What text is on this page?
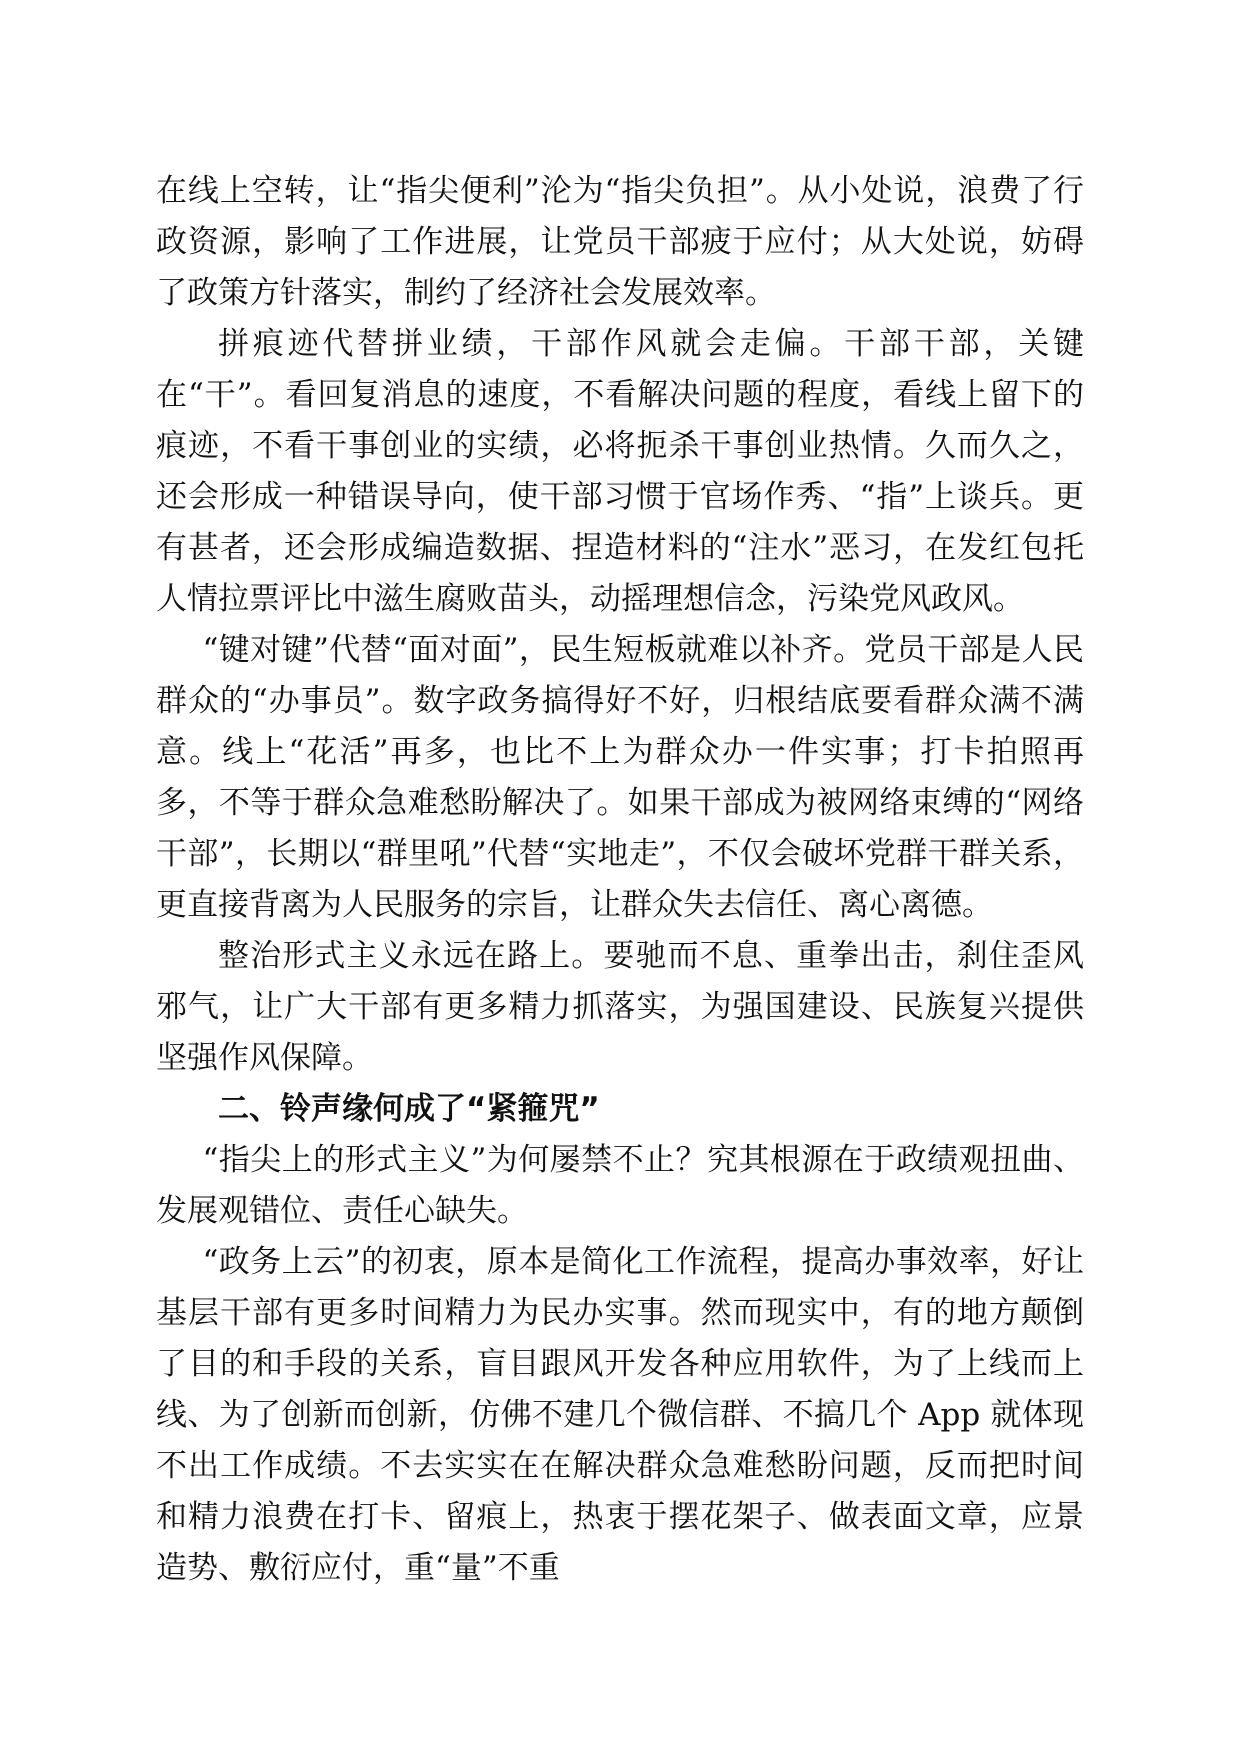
在线上空转，让“指尖便利”沦为“指尖负担”。从小处说，浪费了行政资源，影响了工作进展，让党员干部疲于应付；从大处说，妨碍了政策方针落实，制约了经济社会发展效率。

拼痕迹代替拼业绩，干部作风就会走偏。干部干部，关键在“干”。看回复消息的速度，不看解决问题的程度，看线上留下的痕迹，不看干事创业的实绩，必将扼杀干事创业热情。久而久之，还会形成一种错误导向，使干部习惯于官场作秀、“指”上谈兵。更有甚者，还会形成编造数据、捏造材料的“注水”恶习，在发红包托人情拉票评比中滋生腐败苗头，动摇理想信念，污染党风政风。

“键对键”代替“面对面”，民生短板就难以补齐。党员干部是人民群众的“办事员”。数字政务搞得好不好，归根结底要看群众满不满意。线上“花活”再多，也比不上为群众办一件实事；打卡拍照再多，不等于群众急难愁盼解决了。如果干部成为被网络束缚的“网络干部”，长期以“群里吼”代替“实地走”，不仅会破坏党群干群关系，更直接背离为人民服务的宗旨，让群众失去信任、离心离德。

整治形式主义永远在路上。要驰而不息、重拳出击，刹住歪风邪气，让广大干部有更多精力抓落实，为强国建设、民族复兴提供坚强作风保障。

二、铃声缘何成了“紧箍咒”

“指尖上的形式主义”为何屡禁不止？究其根源在于政绩观扭曲、发展观错位、责任心缺失。

“政务上云”的初衷，原本是简化工作流程，提高办事效率，好让基层干部有更多时间精力为民办实事。然而现实中，有的地方颠倒了目的和手段的关系，盲目跟风开发各种应用软件，为了上线而上线、为了创新而创新，仿佛不建几个微信群、不搞几个 App 就体现不出工作成绩。不去实实在在解决群众急难愁盼问题，反而把时间和精力浪费在打卡、留痕上，热衷于摆花架子、做表面文章，应景造势、敷衍应付，重“量”不重
